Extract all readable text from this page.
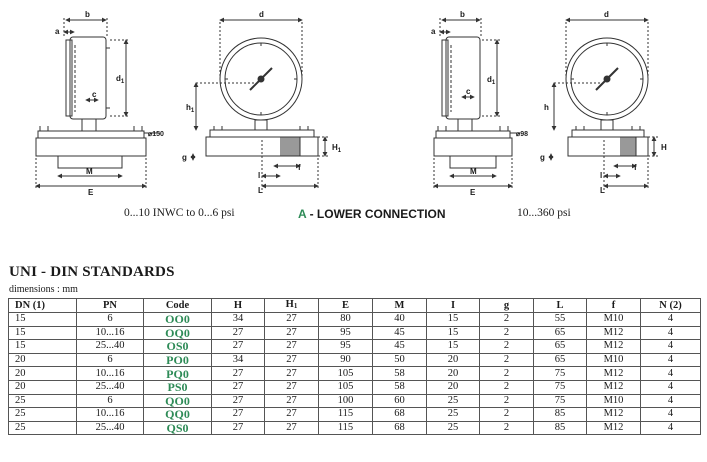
b
a
c
$d_1$
M
E
⌀150
d
$h_1$
g
$H_1$
f
l
L
b
a
c
$d_1$
M
E
⌀98
d
h
g
H
f
l
L
0...10 INWC to 0...6 psi	A - LOWER CONNECTION	10...360 psi
UNI - DIN STANDARDS
dimensions : mm
DN (1)	PN	Code	H	$H_1$	E	M	I	g	L	f	N (2)
15	6	OO0	34	27	80	40	15	2	55	M10	4
15	10...16	OQ0	27	27	95	45	15	2	65	M12	4
15	25...40	OS0	27	27	95	45	15	2	65	M12	4
20	6	PO0	34	27	90	50	20	2	65	M10	4
20	10...16	PQ0	27	27	105	58	20	2	75	M12	4
20	25...40	PS0	27	27	105	58	20	2	75	M12	4
25	6	QO0	27	27	100	60	25	2	75	M10	4
25	10...16	QQ0	27	27	115	68	25	2	85	M12	4
25	25...40	QS0	27	27	115	68	25	2	85	M12	4
